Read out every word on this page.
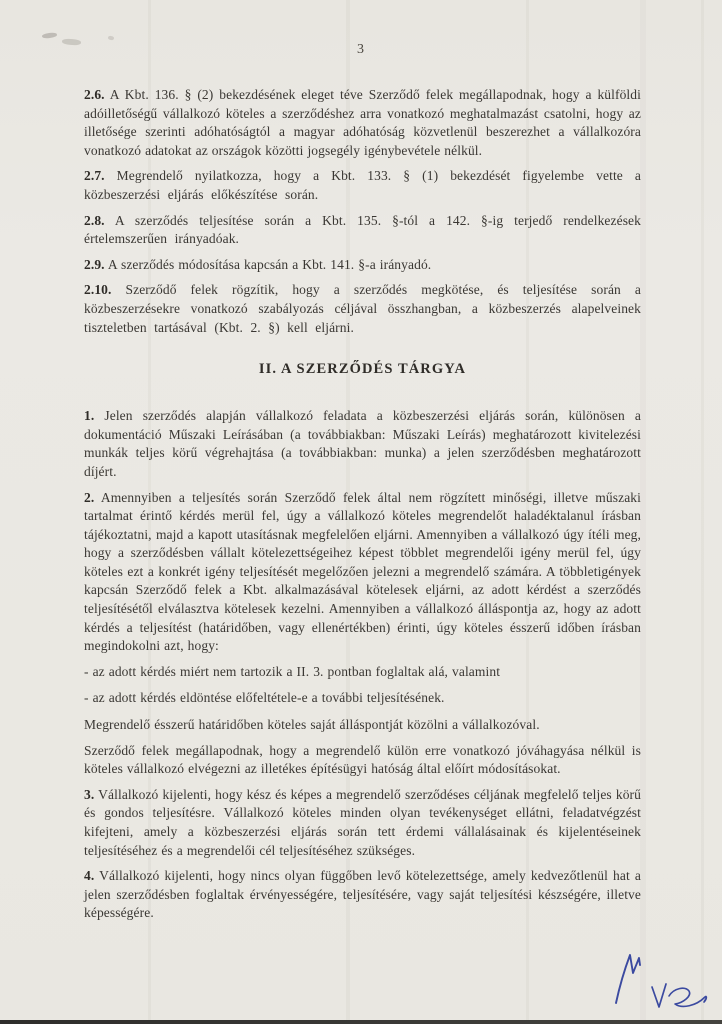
3

2.6. A Kbt. 136. § (2) bekezdésének eleget téve Szerződő felek megállapodnak, hogy a külföldi adóilletőségű vállalkozó köteles a szerződéshez arra vonatkozó meghatalmazást csatolni, hogy az illetősége szerinti adóhatóságtól a magyar adóhatóság közvetlenül beszerezhet a vállalkozóra vonatkozó adatokat az országok közötti jogsegély igénybevétele nélkül.

2.7. Megrendelő nyilatkozza, hogy a Kbt. 133. § (1) bekezdését figyelembe vette a közbeszerzési eljárás előkészítése során.

2.8. A szerződés teljesítése során a Kbt. 135. §-tól a 142. §-ig terjedő rendelkezések értelemszerűen irányadóak.

2.9. A szerződés módosítása kapcsán a Kbt. 141. §-a irányadó.

2.10. Szerződő felek rögzítik, hogy a szerződés megkötése, és teljesítése során a közbeszerzésekre vonatkozó szabályozás céljával összhangban, a közbeszerzés alapelveinek tiszteletben tartásával (Kbt. 2. §) kell eljárni.

II. A SZERZŐDÉS TÁRGYA

1. Jelen szerződés alapján vállalkozó feladata a közbeszerzési eljárás során, különösen a dokumentáció Műszaki Leírásában (a továbbiakban: Műszaki Leírás) meghatározott kivitelezési munkák teljes körű végrehajtása (a továbbiakban: munka) a jelen szerződésben meghatározott díjért.

2. Amennyiben a teljesítés során Szerződő felek által nem rögzített minőségi, illetve műszaki tartalmat érintő kérdés merül fel, úgy a vállalkozó köteles megrendelőt haladéktalanul írásban tájékoztatni, majd a kapott utasításnak megfelelően eljárni. Amennyiben a vállalkozó úgy ítéli meg, hogy a szerződésben vállalt kötelezettségeihez képest többlet megrendelői igény merül fel, úgy köteles ezt a konkrét igény teljesítését megelőzően jelezni a megrendelő számára. A többletigények kapcsán Szerződő felek a Kbt. alkalmazásával kötelesek eljárni, az adott kérdést a szerződés teljesítésétől elválasztva kötelesek kezelni. Amennyiben a vállalkozó álláspontja az, hogy az adott kérdés a teljesítést (határidőben, vagy ellenértékben) érinti, úgy köteles ésszerű időben írásban megindokolni azt, hogy:

- az adott kérdés miért nem tartozik a II. 3. pontban foglaltak alá, valamint

- az adott kérdés eldöntése előfeltétele-e a további teljesítésének.

Megrendelő ésszerű határidőben köteles saját álláspontját közölni a vállalkozóval.

Szerződő felek megállapodnak, hogy a megrendelő külön erre vonatkozó jóváhagyása nélkül is köteles vállalkozó elvégezni az illetékes építésügyi hatóság által előírt módosításokat.

3. Vállalkozó kijelenti, hogy kész és képes a megrendelő szerződéses céljának megfelelő teljes körű és gondos teljesítésre. Vállalkozó köteles minden olyan tevékenységet ellátni, feladatvégzést kifejteni, amely a közbeszerzési eljárás során tett érdemi vállalásainak és kijelentéseinek teljesítéséhez és a megrendelői cél teljesítéséhez szükséges.

4. Vállalkozó kijelenti, hogy nincs olyan függőben levő kötelezettsége, amely kedvezőtlenül hat a jelen szerződésben foglaltak érvényességére, teljesítésére, vagy saját teljesítési készségére, illetve képességére.
